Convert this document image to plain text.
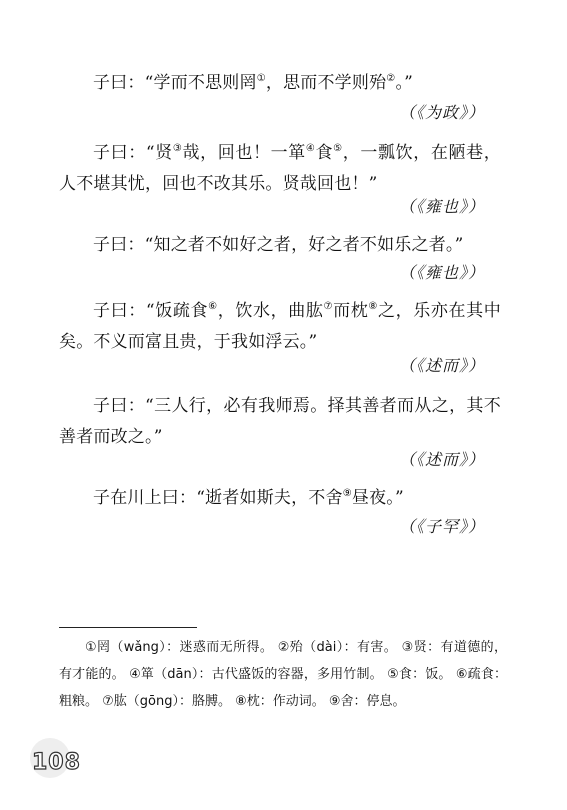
子曰：“学而不思则罔①，思而不学则殆②。”

（《为政》）

子曰：“贤③哉，回也！一箪④食⑤，一瓢饮，在陋巷，人不堪其忧，回也不改其乐。贤哉回也！”

（《雍也》）

子曰：“知之者不如好之者，好之者不如乐之者。”

（《雍也》）

子曰：“饭疏食⑥，饮水，曲肱⑦而枕⑧之，乐亦在其中矣。不义而富且贵，于我如浮云。”

（《述而》）

子曰：“三人行，必有我师焉。择其善者而从之，其不善者而改之。”

（《述而》）

子在川上曰：“逝者如斯夫，不舍⑨昼夜。”

（《子罕》）

①罔（wǎng）：迷惑而无所得。 ②殆（dài）：有害。 ③贤：有道德的，有才能的。 ④箪（dān）：古代盛饭的容器，多用竹制。 ⑤食：饭。 ⑥疏食：粗粮。 ⑦肱（gōng）：胳膊。 ⑧枕：作动词。 ⑨舍：停息。

108
